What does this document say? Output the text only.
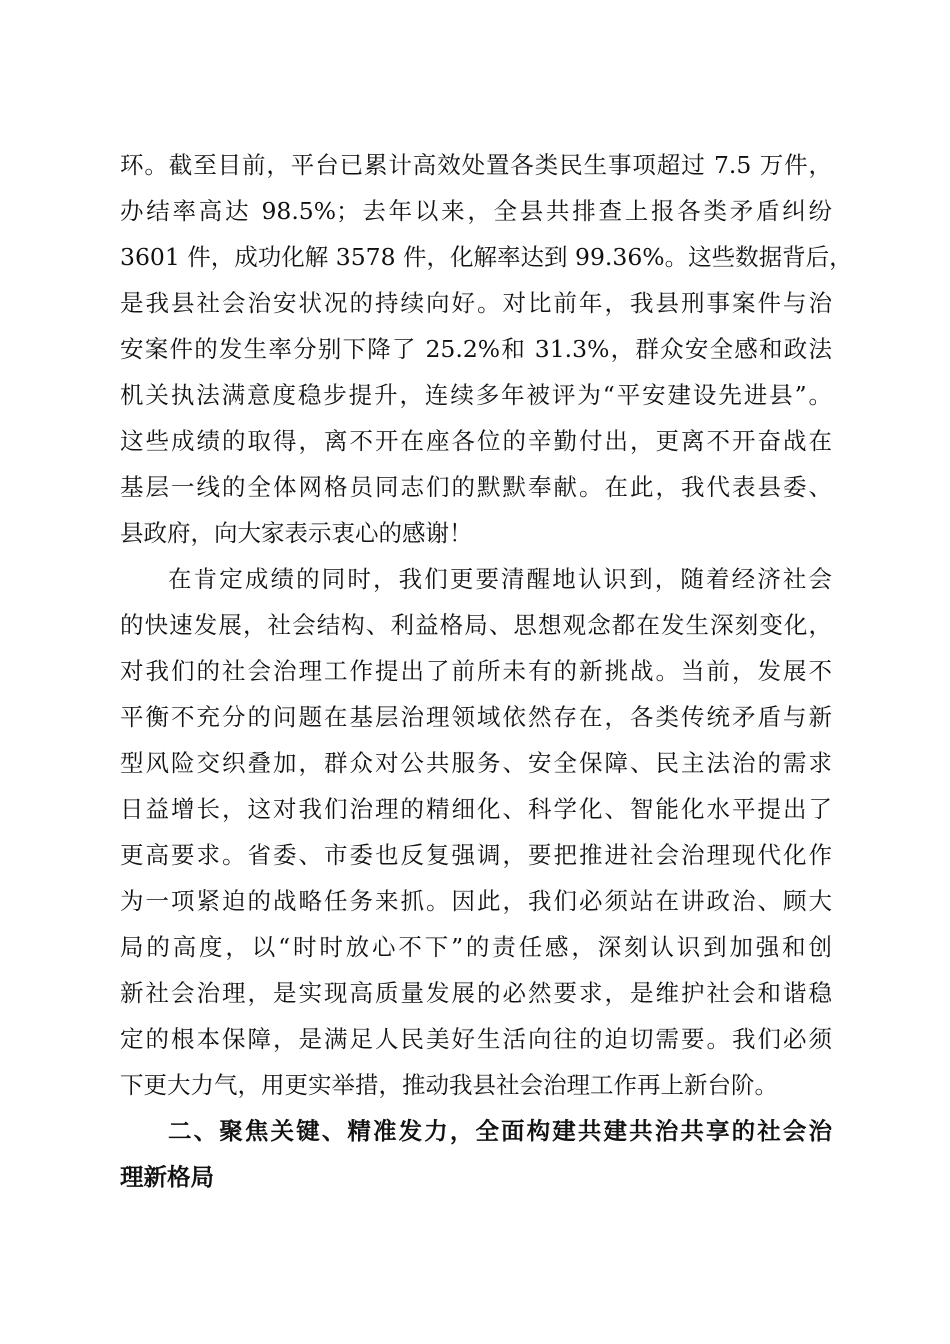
环。截至目前，平台已累计高效处置各类民生事项超过 7.5 万件，
办结率高达 98.5%；去年以来，全县共排查上报各类矛盾纠纷
3601 件，成功化解 3578 件，化解率达到 99.36%。这些数据背后，
是我县社会治安状况的持续向好。对比前年，我县刑事案件与治
安案件的发生率分别下降了 25.2%和 31.3%，群众安全感和政法
机关执法满意度稳步提升，连续多年被评为“平安建设先进县”。
这些成绩的取得，离不开在座各位的辛勤付出，更离不开奋战在
基层一线的全体网格员同志们的默默奉献。在此，我代表县委、
县政府，向大家表示衷心的感谢！
在肯定成绩的同时，我们更要清醒地认识到，随着经济社会
的快速发展，社会结构、利益格局、思想观念都在发生深刻变化，
对我们的社会治理工作提出了前所未有的新挑战。当前，发展不
平衡不充分的问题在基层治理领域依然存在，各类传统矛盾与新
型风险交织叠加，群众对公共服务、安全保障、民主法治的需求
日益增长，这对我们治理的精细化、科学化、智能化水平提出了
更高要求。省委、市委也反复强调，要把推进社会治理现代化作
为一项紧迫的战略任务来抓。因此，我们必须站在讲政治、顾大
局的高度，以“时时放心不下”的责任感，深刻认识到加强和创
新社会治理，是实现高质量发展的必然要求，是维护社会和谐稳
定的根本保障，是满足人民美好生活向往的迫切需要。我们必须
下更大力气，用更实举措，推动我县社会治理工作再上新台阶。
二、聚焦关键、精准发力，全面构建共建共治共享的社会治
理新格局
